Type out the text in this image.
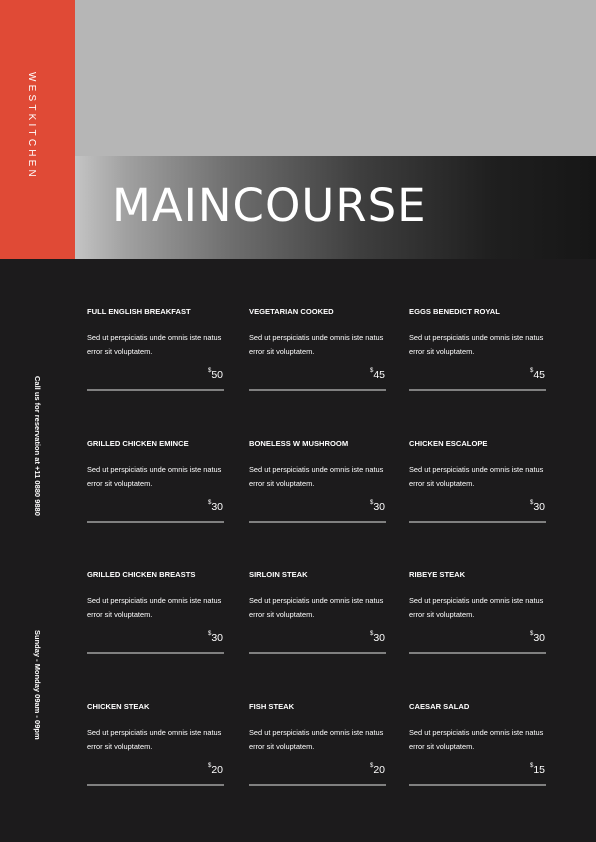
MAINCOURSE
WESTKITCHEN
Call us for reservation at +11 0880 9880
Sunday - Monday 09am - 09pm
FULL ENGLISH BREAKFAST
Sed ut perspiciatis unde omnis iste natus error sit voluptatem.
$50
VEGETARIAN COOKED
Sed ut perspiciatis unde omnis iste natus error sit voluptatem.
$45
EGGS BENEDICT ROYAL
Sed ut perspiciatis unde omnis iste natus error sit voluptatem.
$45
GRILLED CHICKEN EMINCE
Sed ut perspiciatis unde omnis iste natus error sit voluptatem.
$30
BONELESS W MUSHROOM
Sed ut perspiciatis unde omnis iste natus error sit voluptatem.
$30
CHICKEN ESCALOPE
Sed ut perspiciatis unde omnis iste natus error sit voluptatem.
$30
GRILLED CHICKEN BREASTS
Sed ut perspiciatis unde omnis iste natus error sit voluptatem.
$30
SIRLOIN STEAK
Sed ut perspiciatis unde omnis iste natus error sit voluptatem.
$30
RIBEYE STEAK
Sed ut perspiciatis unde omnis iste natus error sit voluptatem.
$30
CHICKEN STEAK
Sed ut perspiciatis unde omnis iste natus error sit voluptatem.
$20
FISH STEAK
Sed ut perspiciatis unde omnis iste natus error sit voluptatem.
$20
CAESAR SALAD
Sed ut perspiciatis unde omnis iste natus error sit voluptatem.
$15
